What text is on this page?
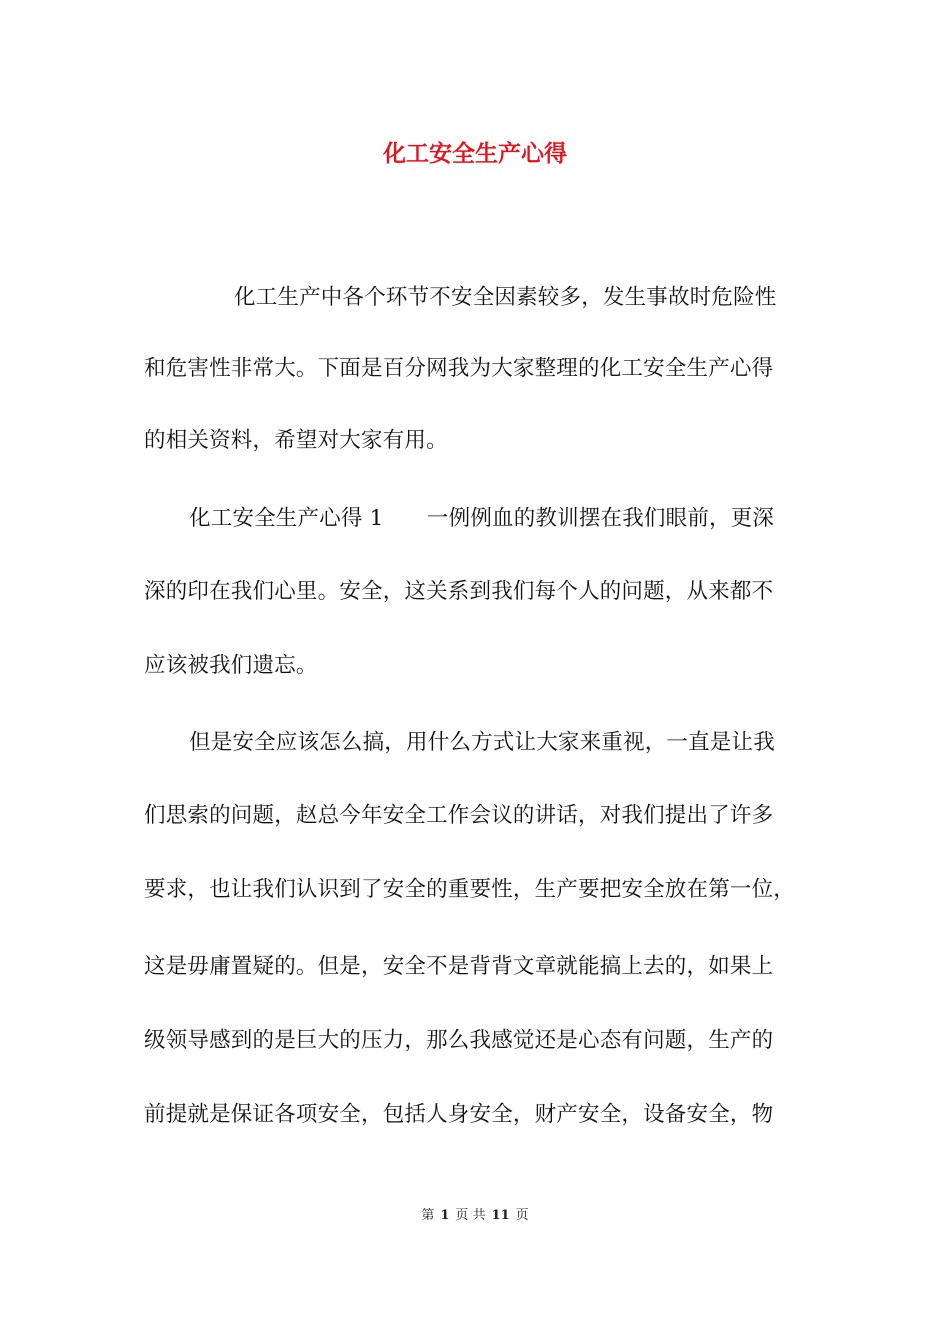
化工安全生产心得
化工生产中各个环节不安全因素较多，发生事故时危险性
和危害性非常大。下面是百分网我为大家整理的化工安全生产心得
的相关资料，希望对大家有用。
化工安全生产心得 1　　一例例血的教训摆在我们眼前，更深
深的印在我们心里。安全，这关系到我们每个人的问题，从来都不
应该被我们遗忘。
但是安全应该怎么搞，用什么方式让大家来重视，一直是让我
们思索的问题，赵总今年安全工作会议的讲话，对我们提出了许多
要求，也让我们认识到了安全的重要性，生产要把安全放在第一位，
这是毋庸置疑的。但是，安全不是背背文章就能搞上去的，如果上
级领导感到的是巨大的压力，那么我感觉还是心态有问题，生产的
前提就是保证各项安全，包括人身安全，财产安全，设备安全，物
第 1 页 共 11 页
